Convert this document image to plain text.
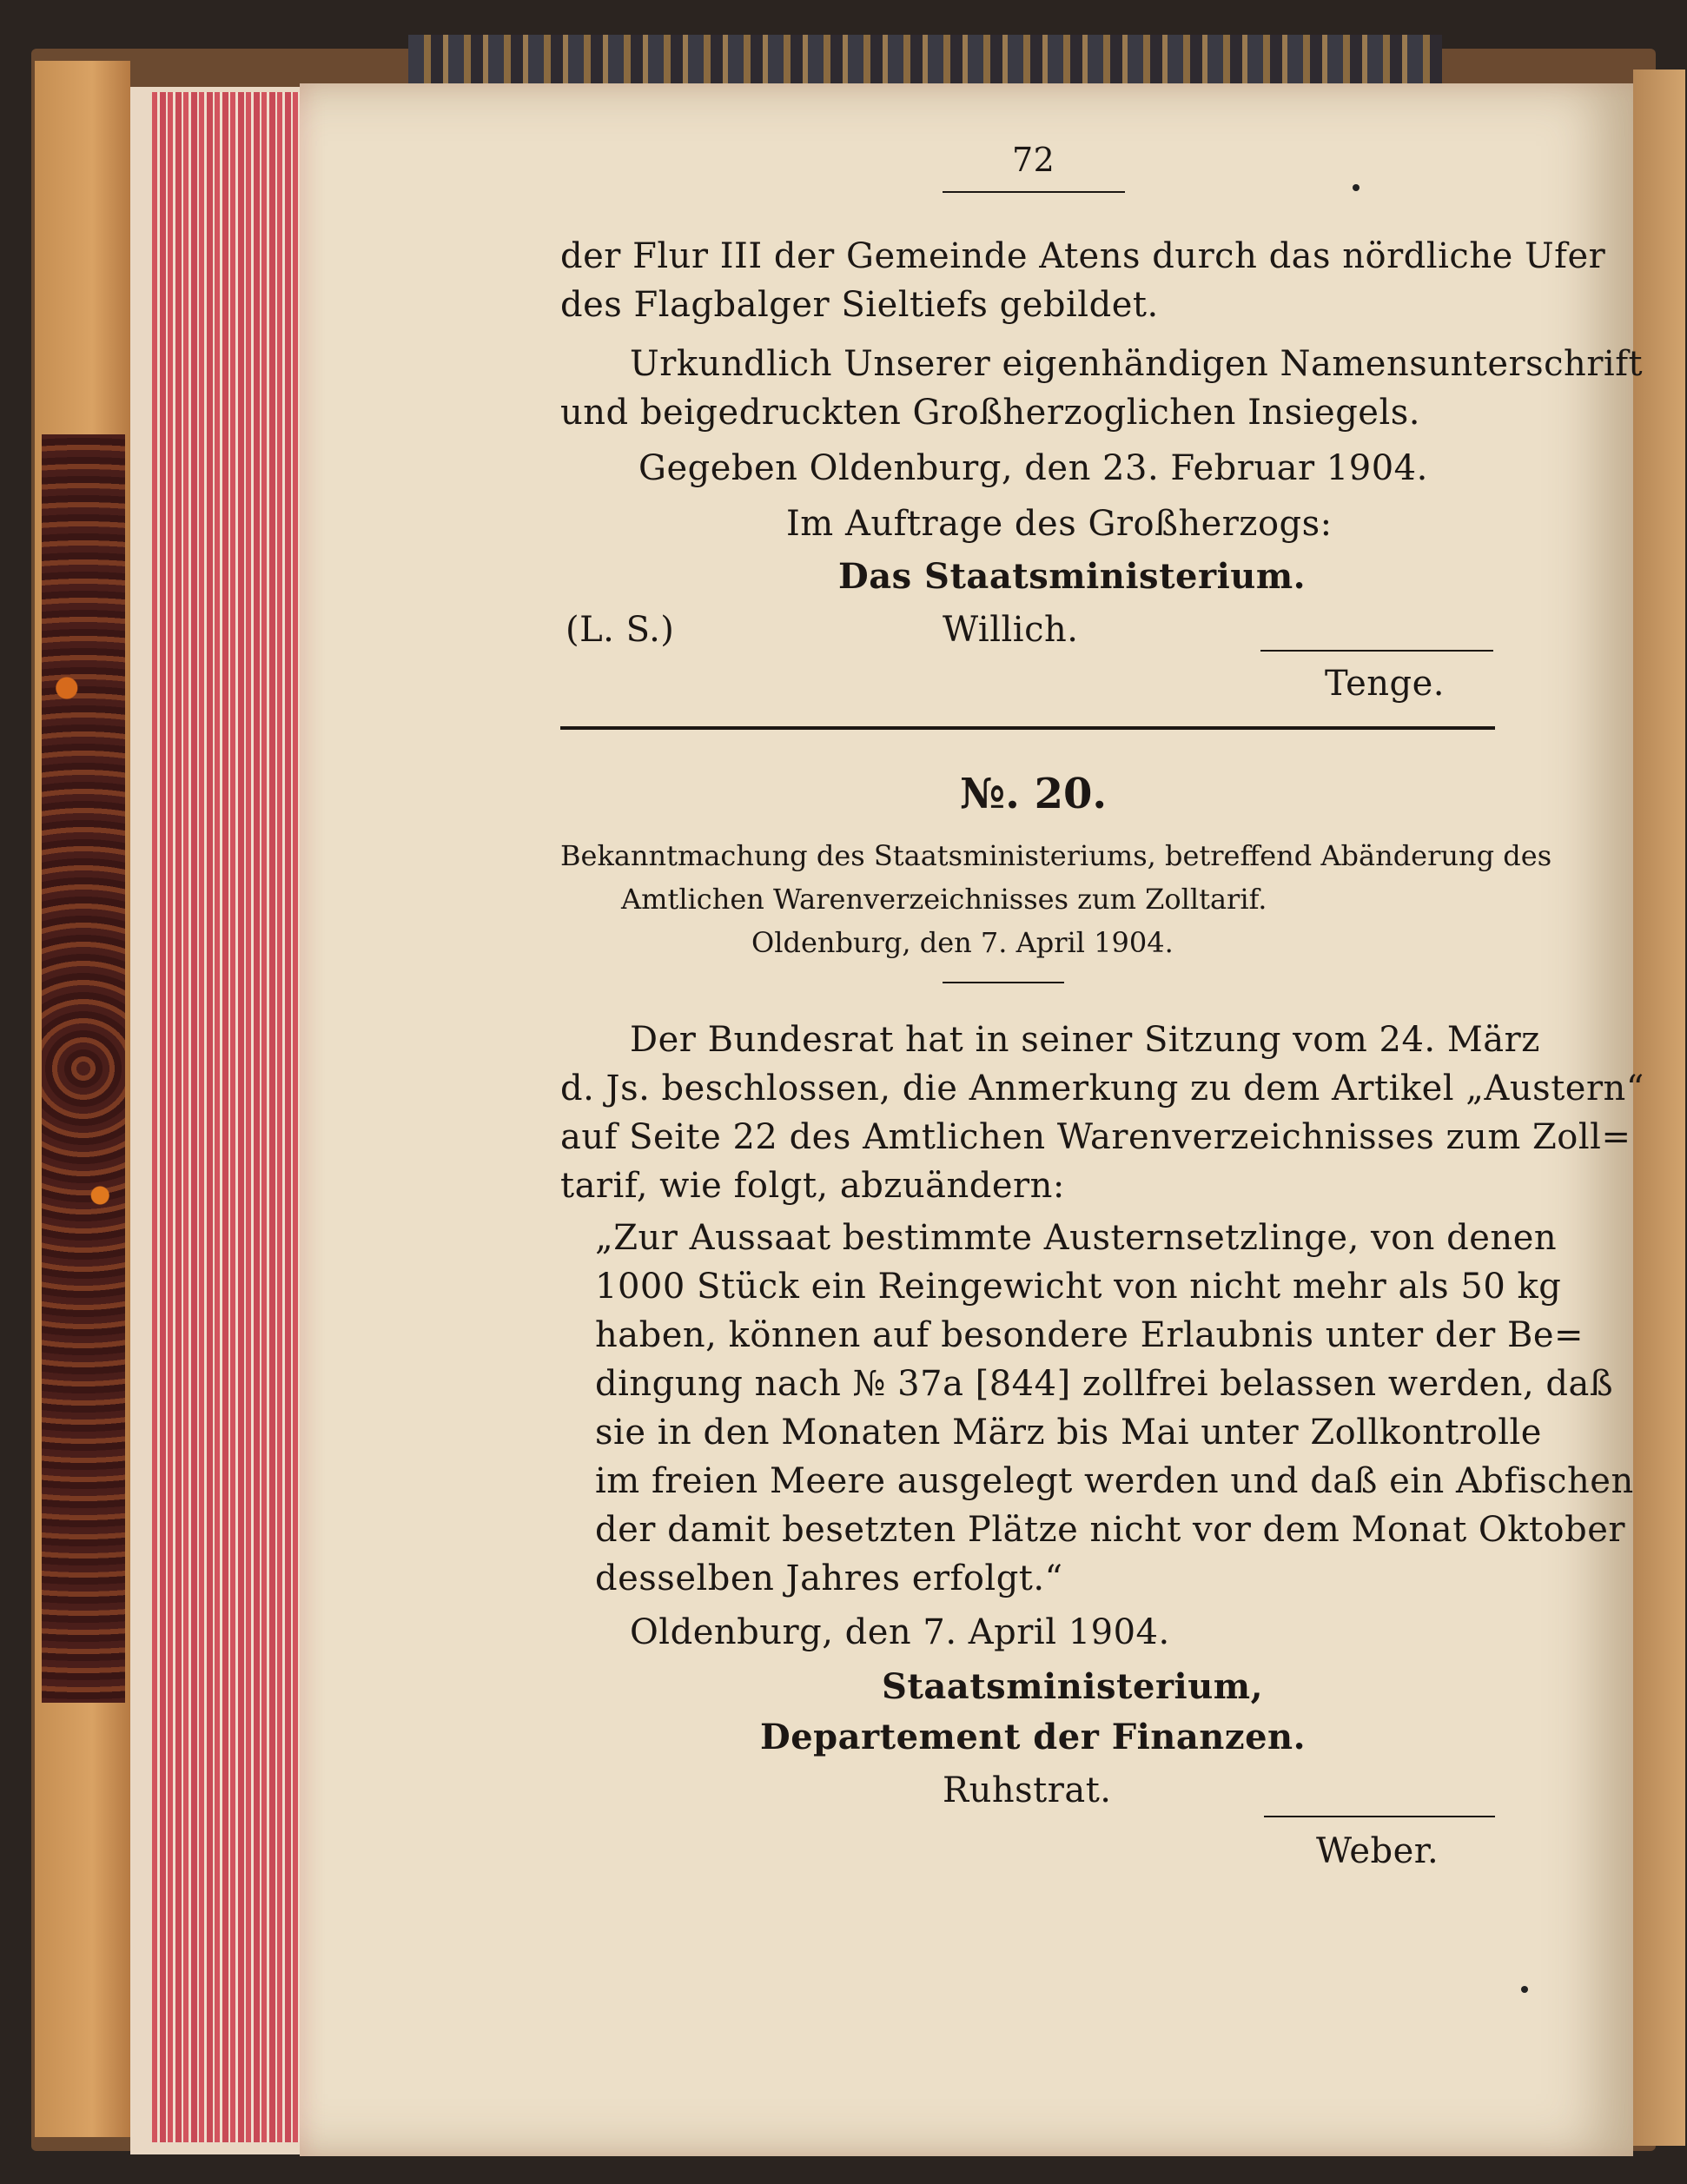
72
der Flur III der Gemeinde Atens durch das nördliche Ufer
des Flagbalger Sieltiefs gebildet.
Urkundlich Unserer eigenhändigen Namensunterschrift
und beigedruckten Großherzoglichen Insiegels.
Gegeben Oldenburg, den 23. Februar 1904.
Im Auftrage des Großherzogs:
Das Staatsministerium.
(L. S.)	Willich.
Tenge.
№. 20.
Bekanntmachung des Staatsministeriums, betreffend Abänderung des
Amtlichen Warenverzeichnisses zum Zolltarif.
Oldenburg, den 7. April 1904.
Der Bundesrat hat in seiner Sitzung vom 24. März
d. Js. beschlossen, die Anmerkung zu dem Artikel „Austern“
auf Seite 22 des Amtlichen Warenverzeichnisses zum Zoll=
tarif, wie folgt, abzuändern:
„Zur Aussaat bestimmte Austernsetzlinge, von denen
1000 Stück ein Reingewicht von nicht mehr als 50 kg
haben, können auf besondere Erlaubnis unter der Be=
dingung nach № 37a [844] zollfrei belassen werden, daß
sie in den Monaten März bis Mai unter Zollkontrolle
im freien Meere ausgelegt werden und daß ein Abfischen
der damit besetzten Plätze nicht vor dem Monat Oktober
desselben Jahres erfolgt.“
Oldenburg, den 7. April 1904.
Staatsministerium,
Departement der Finanzen.
Ruhstrat.
Weber.
